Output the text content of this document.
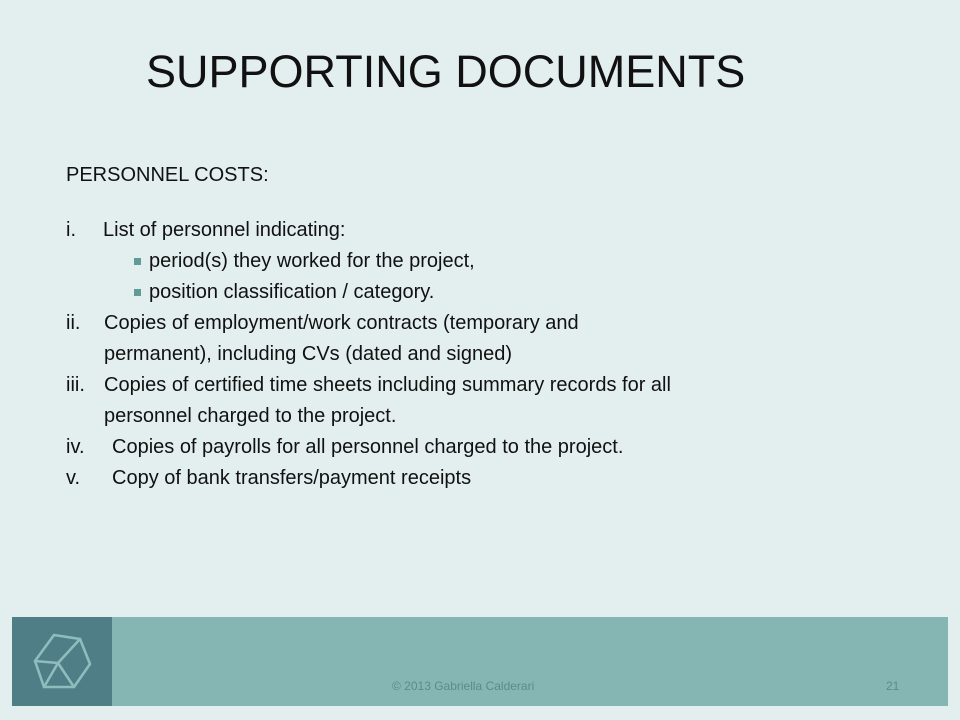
SUPPORTING DOCUMENTS
PERSONNEL COSTS:
i.	List of personnel indicating:
period(s) they worked for the project,
position classification / category.
ii.	Copies of employment/work contracts (temporary and
permanent), including CVs (dated and signed)
iii. Copies of certified time sheets including summary records for all
personnel charged to the project.
iv.	Copies of payrolls for all personnel charged to the project.
v.	Copy of bank transfers/payment receipts
© 2013 Gabriella Calderari	21
